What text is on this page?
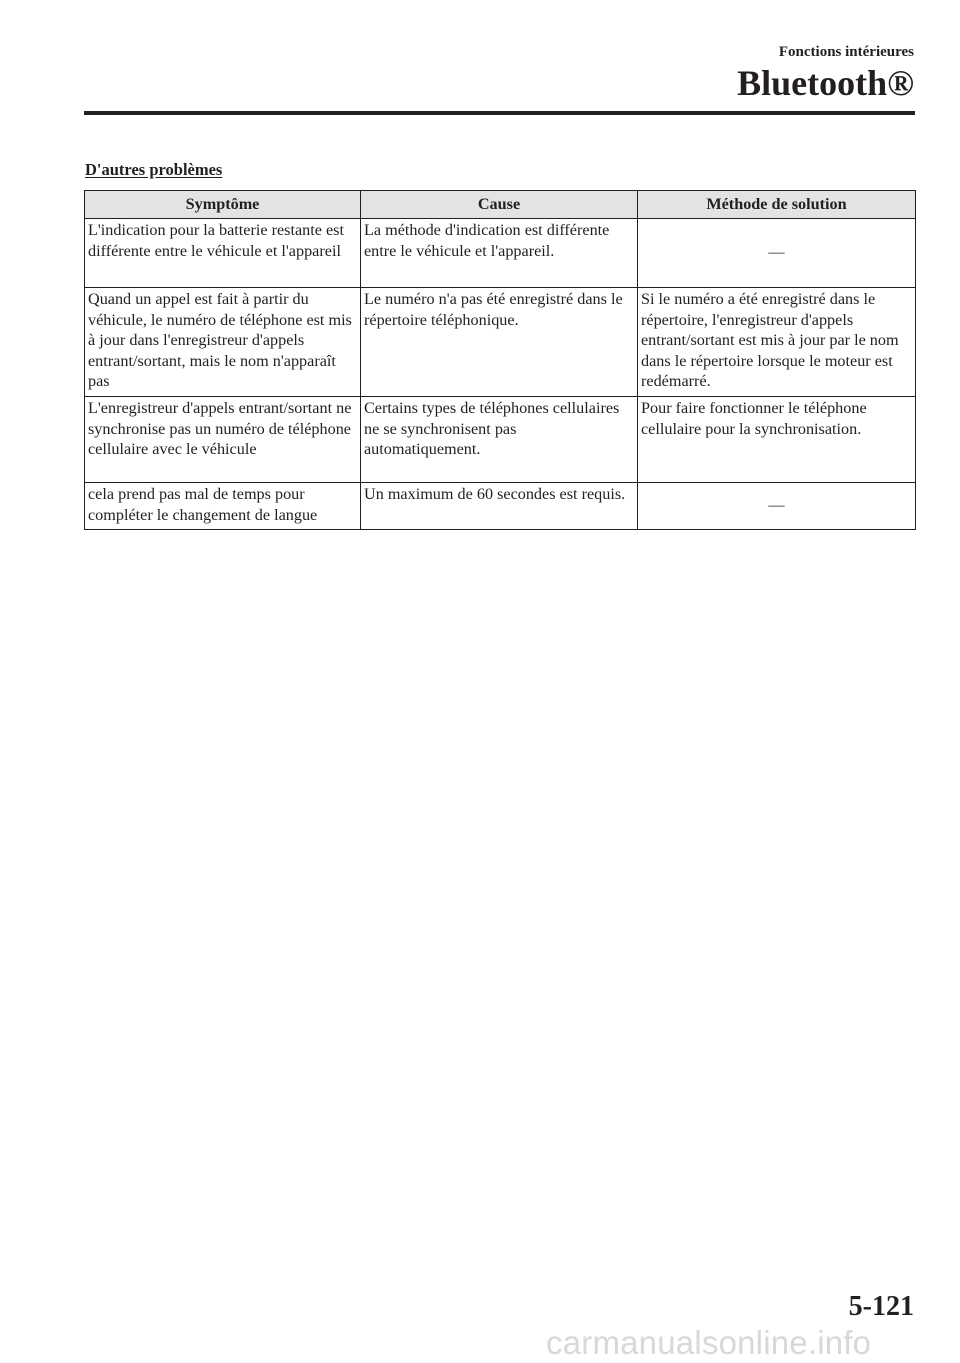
Fonctions intérieures
Bluetooth®
D'autres problèmes
Symptôme	Cause	Méthode de solution
L'indication pour la batterie restante est différente entre le véhicule et l'appareil	La méthode d'indication est différente entre le véhicule et l'appareil.	―
Quand un appel est fait à partir du véhicule, le numéro de téléphone est mis à jour dans l'enregistreur d'appels entrant/sortant, mais le nom n'apparaît pas	Le numéro n'a pas été enregistré dans le répertoire téléphonique.	Si le numéro a été enregistré dans le répertoire, l'enregistreur d'appels entrant/sortant est mis à jour par le nom dans le répertoire lorsque le moteur est redémarré.
L'enregistreur d'appels entrant/sortant ne synchronise pas un numéro de téléphone cellulaire avec le véhicule	Certains types de téléphones cellulaires ne se synchronisent pas automatiquement.	Pour faire fonctionner le téléphone cellulaire pour la synchronisation.
cela prend pas mal de temps pour compléter le changement de langue	Un maximum de 60 secondes est requis.	―
5-121
carmanualsonline.info
